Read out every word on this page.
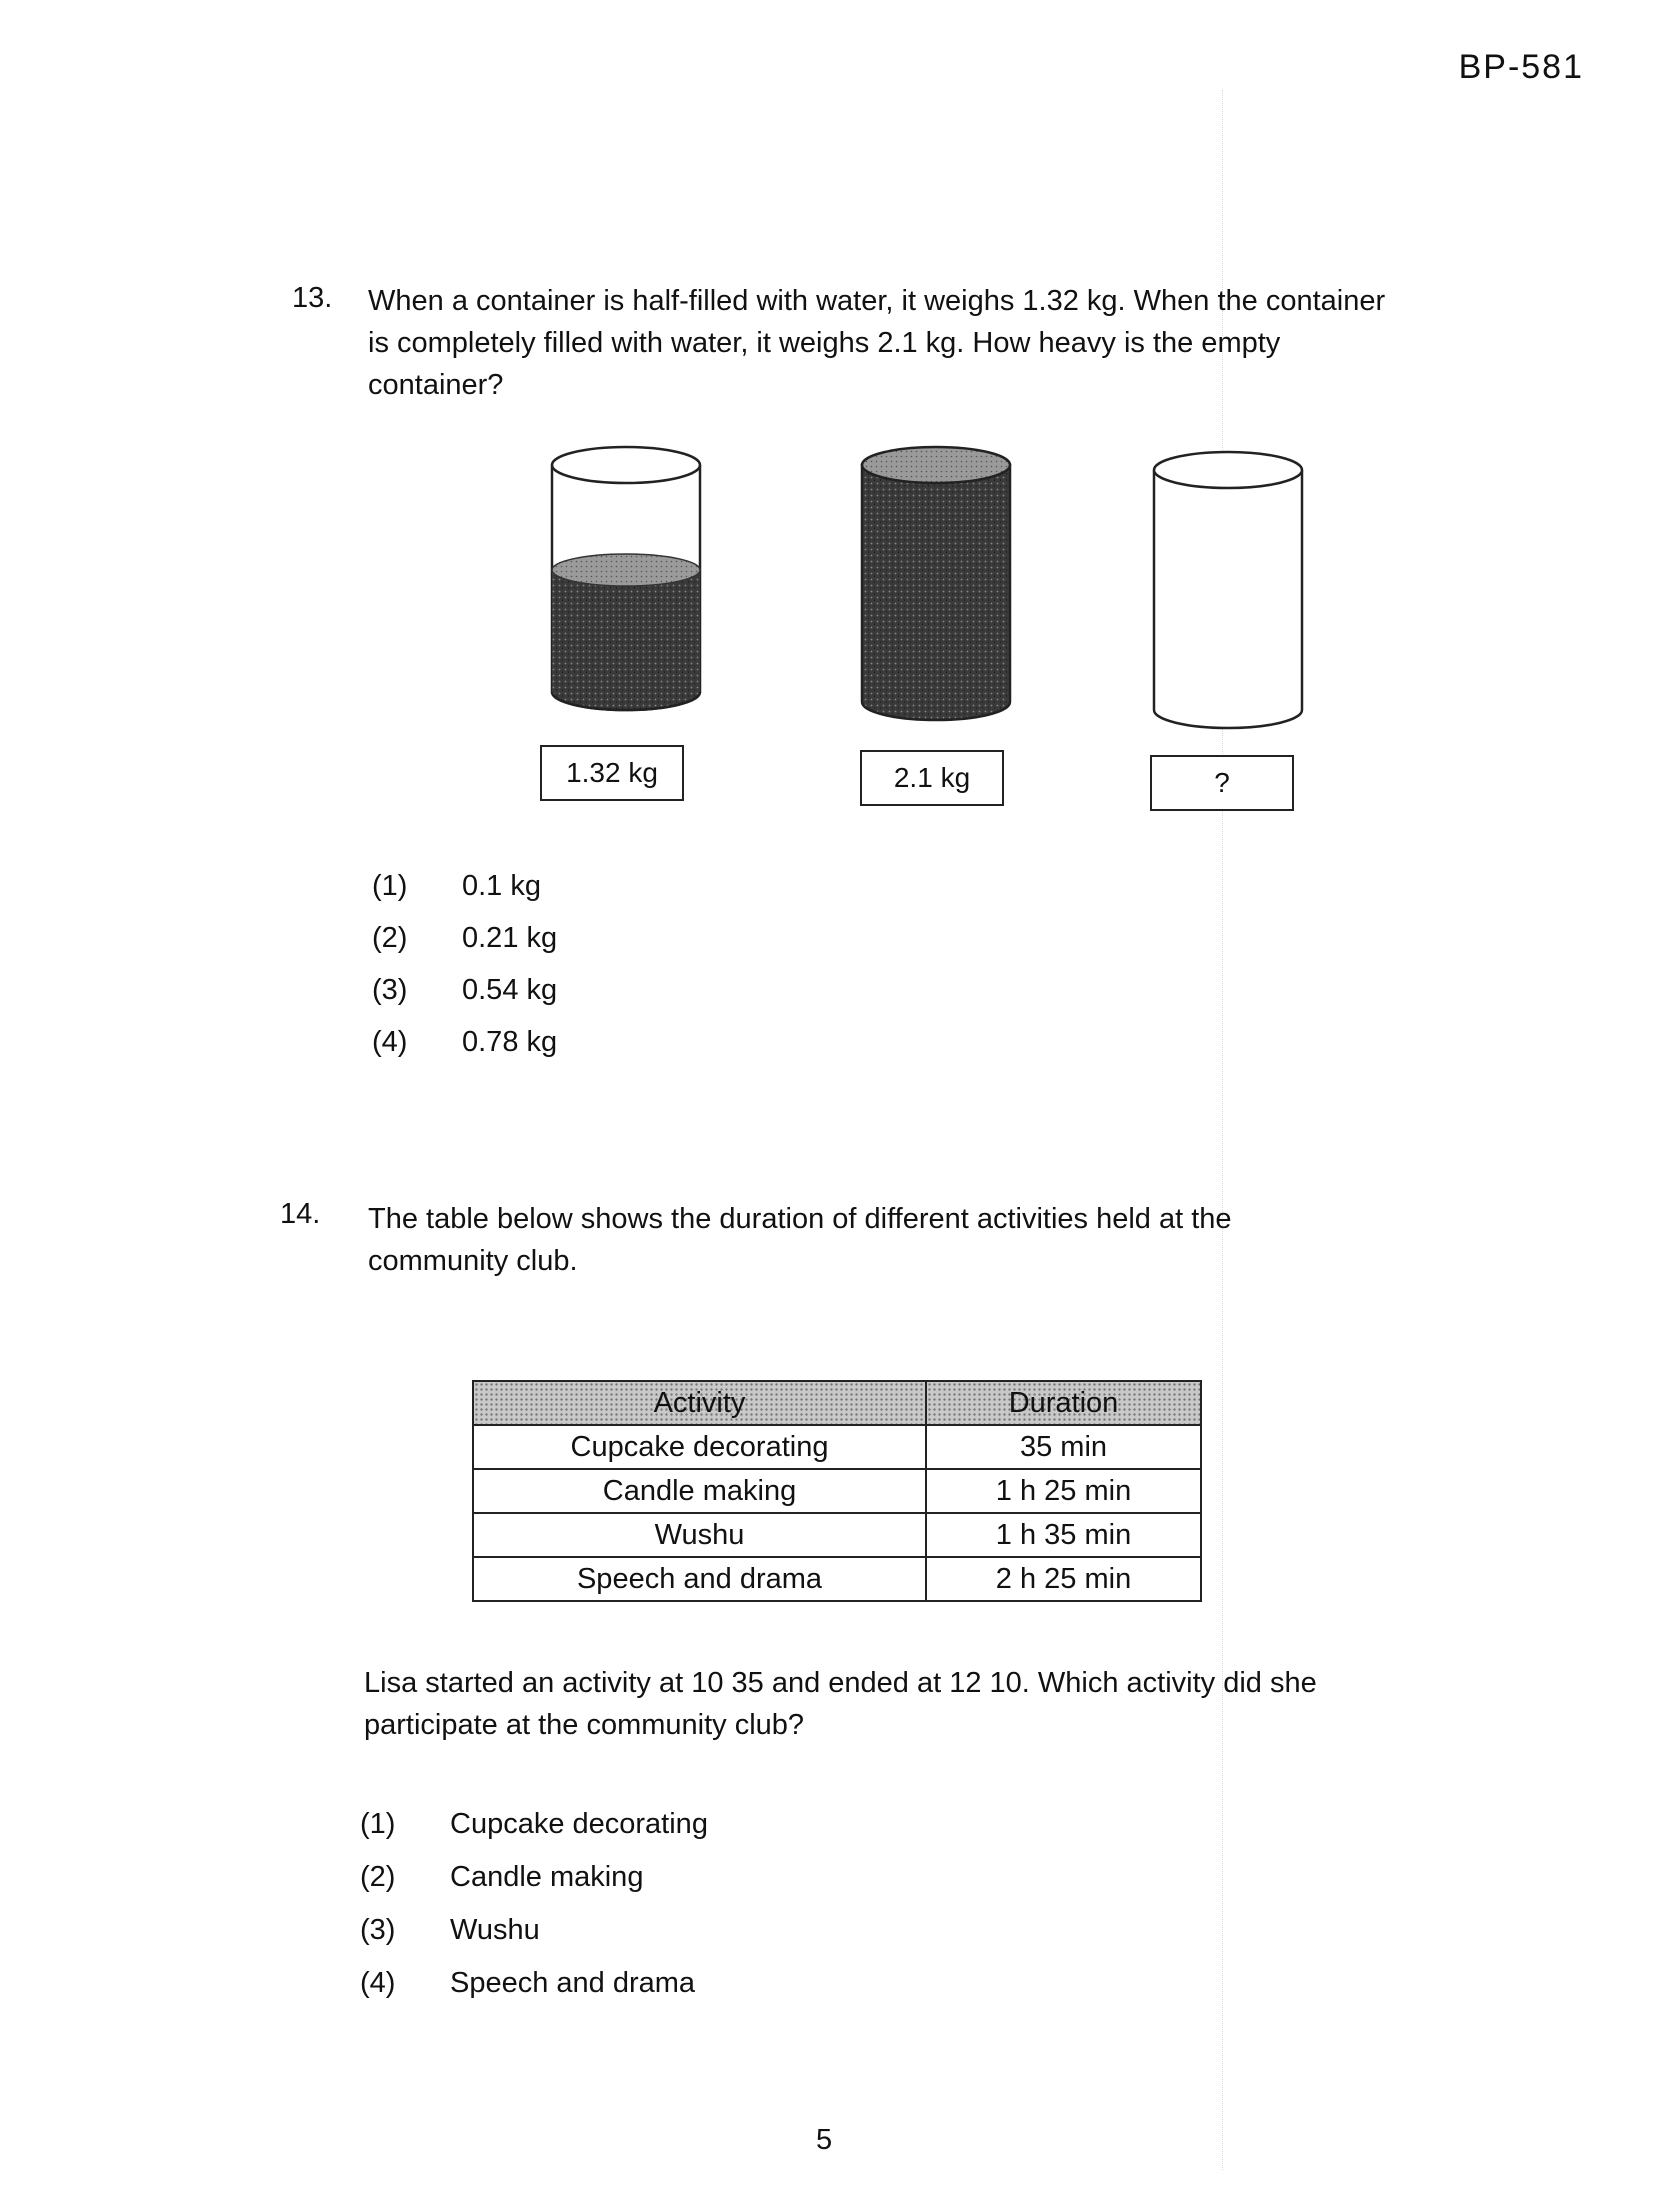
BP-581
13. When a container is half-filled with water, it weighs 1.32 kg. When the container
is completely filled with water, it weighs 2.1 kg. How heavy is the empty
container?
1.32 kg	2.1 kg	?
(1) 0.1 kg
(2) 0.21 kg
(3) 0.54 kg
(4) 0.78 kg
14. The table below shows the duration of different activities held at the
community club.
Activity	Duration
Cupcake decorating	35 min
Candle making	1 h 25 min
Wushu	1 h 35 min
Speech and drama	2 h 25 min
Lisa started an activity at 10 35 and ended at 12 10. Which activity did she
participate at the community club?
(1) Cupcake decorating
(2) Candle making
(3) Wushu
(4) Speech and drama
5
